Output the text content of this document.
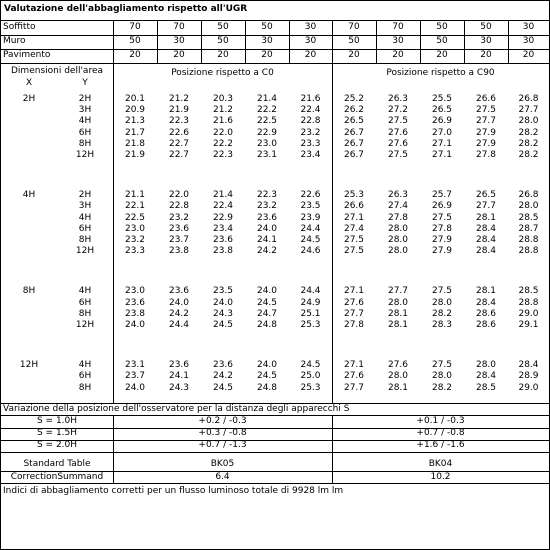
Valutazione dell'abbagliamento rispetto all'UGR
Soffitto	70	70	50	50	30	70	70	50	50	30
Muro	50	30	50	30	30	50	30	50	30	30
Pavimento	20	20	20	20	20	20	20	20	20	20
Dimensioni dell'area
X	Y
Posizione rispetto a C0	Posizione rispetto a C90
2H	2H	20.1	21.2	20.3	21.4	21.6	25.2	26.3	25.5	26.6	26.8
3H	20.9	21.9	21.2	22.2	22.4	26.2	27.2	26.5	27.5	27.7
4H	21.3	22.3	21.6	22.5	22.8	26.5	27.5	26.9	27.7	28.0
6H	21.7	22.6	22.0	22.9	23.2	26.7	27.6	27.0	27.9	28.2
8H	21.8	22.7	22.2	23.0	23.3	26.7	27.6	27.1	27.9	28.2
12H	21.9	22.7	22.3	23.1	23.4	26.7	27.5	27.1	27.8	28.2
4H	2H	21.1	22.0	21.4	22.3	22.6	25.3	26.3	25.7	26.5	26.8
3H	22.1	22.8	22.4	23.2	23.5	26.6	27.4	26.9	27.7	28.0
4H	22.5	23.2	22.9	23.6	23.9	27.1	27.8	27.5	28.1	28.5
6H	23.0	23.6	23.4	24.0	24.4	27.4	28.0	27.8	28.4	28.7
8H	23.2	23.7	23.6	24.1	24.5	27.5	28.0	27.9	28.4	28.8
12H	23.3	23.8	23.8	24.2	24.6	27.5	28.0	27.9	28.4	28.8
8H	4H	23.0	23.6	23.5	24.0	24.4	27.1	27.7	27.5	28.1	28.5
6H	23.6	24.0	24.0	24.5	24.9	27.6	28.0	28.0	28.4	28.8
8H	23.8	24.2	24.3	24.7	25.1	27.7	28.1	28.2	28.6	29.0
12H	24.0	24.4	24.5	24.8	25.3	27.8	28.1	28.3	28.6	29.1
12H	4H	23.1	23.6	23.6	24.0	24.5	27.1	27.6	27.5	28.0	28.4
6H	23.7	24.1	24.2	24.5	25.0	27.6	28.0	28.0	28.4	28.9
8H	24.0	24.3	24.5	24.8	25.3	27.7	28.1	28.2	28.5	29.0
Variazione della posizione dell'osservatore per la distanza degli apparecchi S
S = 1.0H	+0.2 / -0.3	+0.1 / -0.3
S = 1.5H	+0.3 / -0.8	+0.7 / -0.8
S = 2.0H	+0.7 / -1.3	+1.6 / -1.6
Standard Table	BK05	BK04
CorrectionSummand	6.4	10.2
Indici di abbagliamento corretti per un flusso luminoso totale di 9928 lm lm
